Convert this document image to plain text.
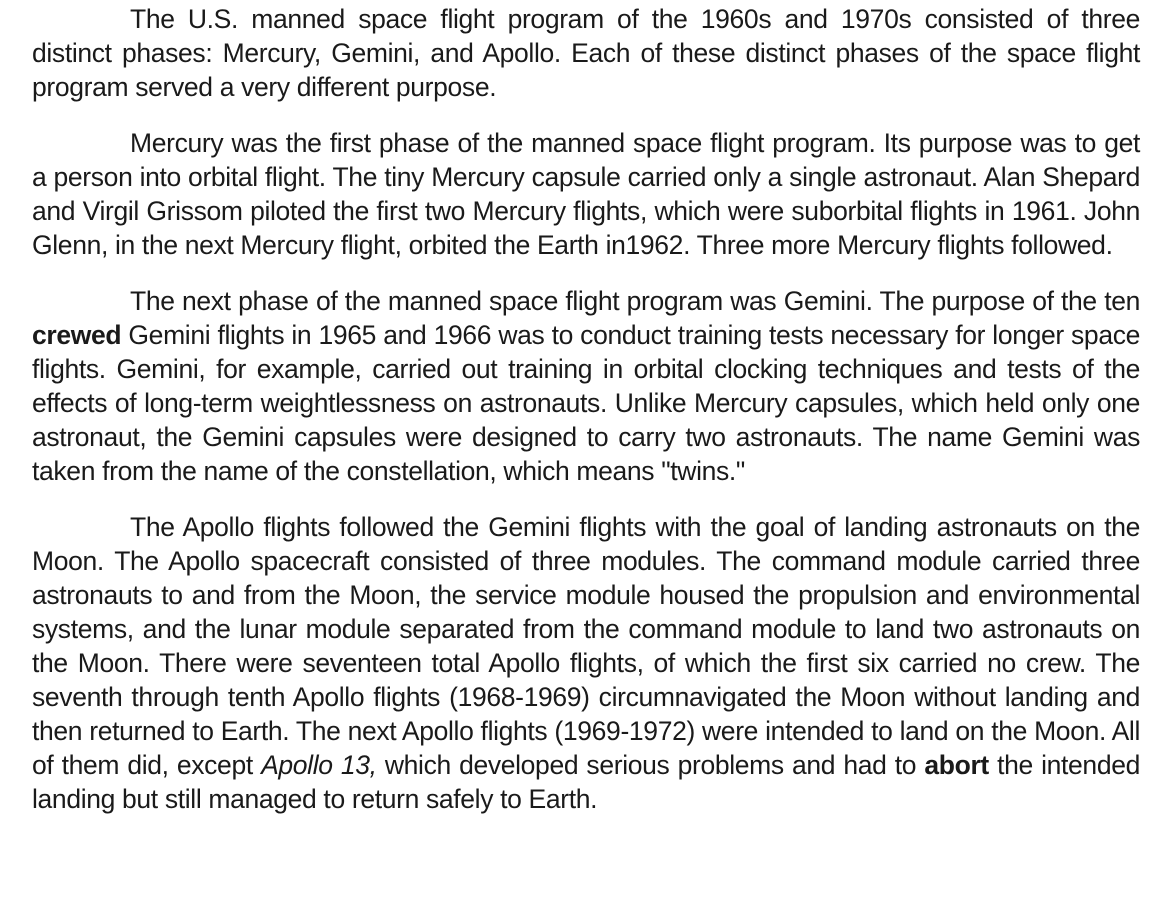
The U.S. manned space flight program of the 1960s and 1970s consisted of three distinct phases: Mercury, Gemini, and Apollo. Each of these distinct phases of the space flight program served a very different purpose.

Mercury was the first phase of the manned space flight program. Its purpose was to get a person into orbital flight. The tiny Mercury capsule carried only a single astronaut. Alan Shepard and Virgil Grissom piloted the first two Mercury flights, which were suborbital flights in 1961. John Glenn, in the next Mercury flight, orbited the Earth in1962. Three more Mercury flights followed.

The next phase of the manned space flight program was Gemini. The purpose of the ten crewed Gemini flights in 1965 and 1966 was to conduct training tests necessary for longer space flights. Gemini, for example, carried out training in orbital clocking techniques and tests of the effects of long-term weightlessness on astronauts. Unlike Mercury capsules, which held only one astronaut, the Gemini capsules were designed to carry two astronauts. The name Gemini was taken from the name of the constellation, which means "twins."

The Apollo flights followed the Gemini flights with the goal of landing astronauts on the Moon. The Apollo spacecraft consisted of three modules. The command module carried three astronauts to and from the Moon, the service module housed the propulsion and environmental systems, and the lunar module separated from the command module to land two astronauts on the Moon. There were seventeen total Apollo flights, of which the first six carried no crew. The seventh through tenth Apollo flights (1968-1969) circumnavigated the Moon without landing and then returned to Earth. The next Apollo flights (1969-1972) were intended to land on the Moon. All of them did, except Apollo 13, which developed serious problems and had to abort the intended landing but still managed to return safely to Earth.
